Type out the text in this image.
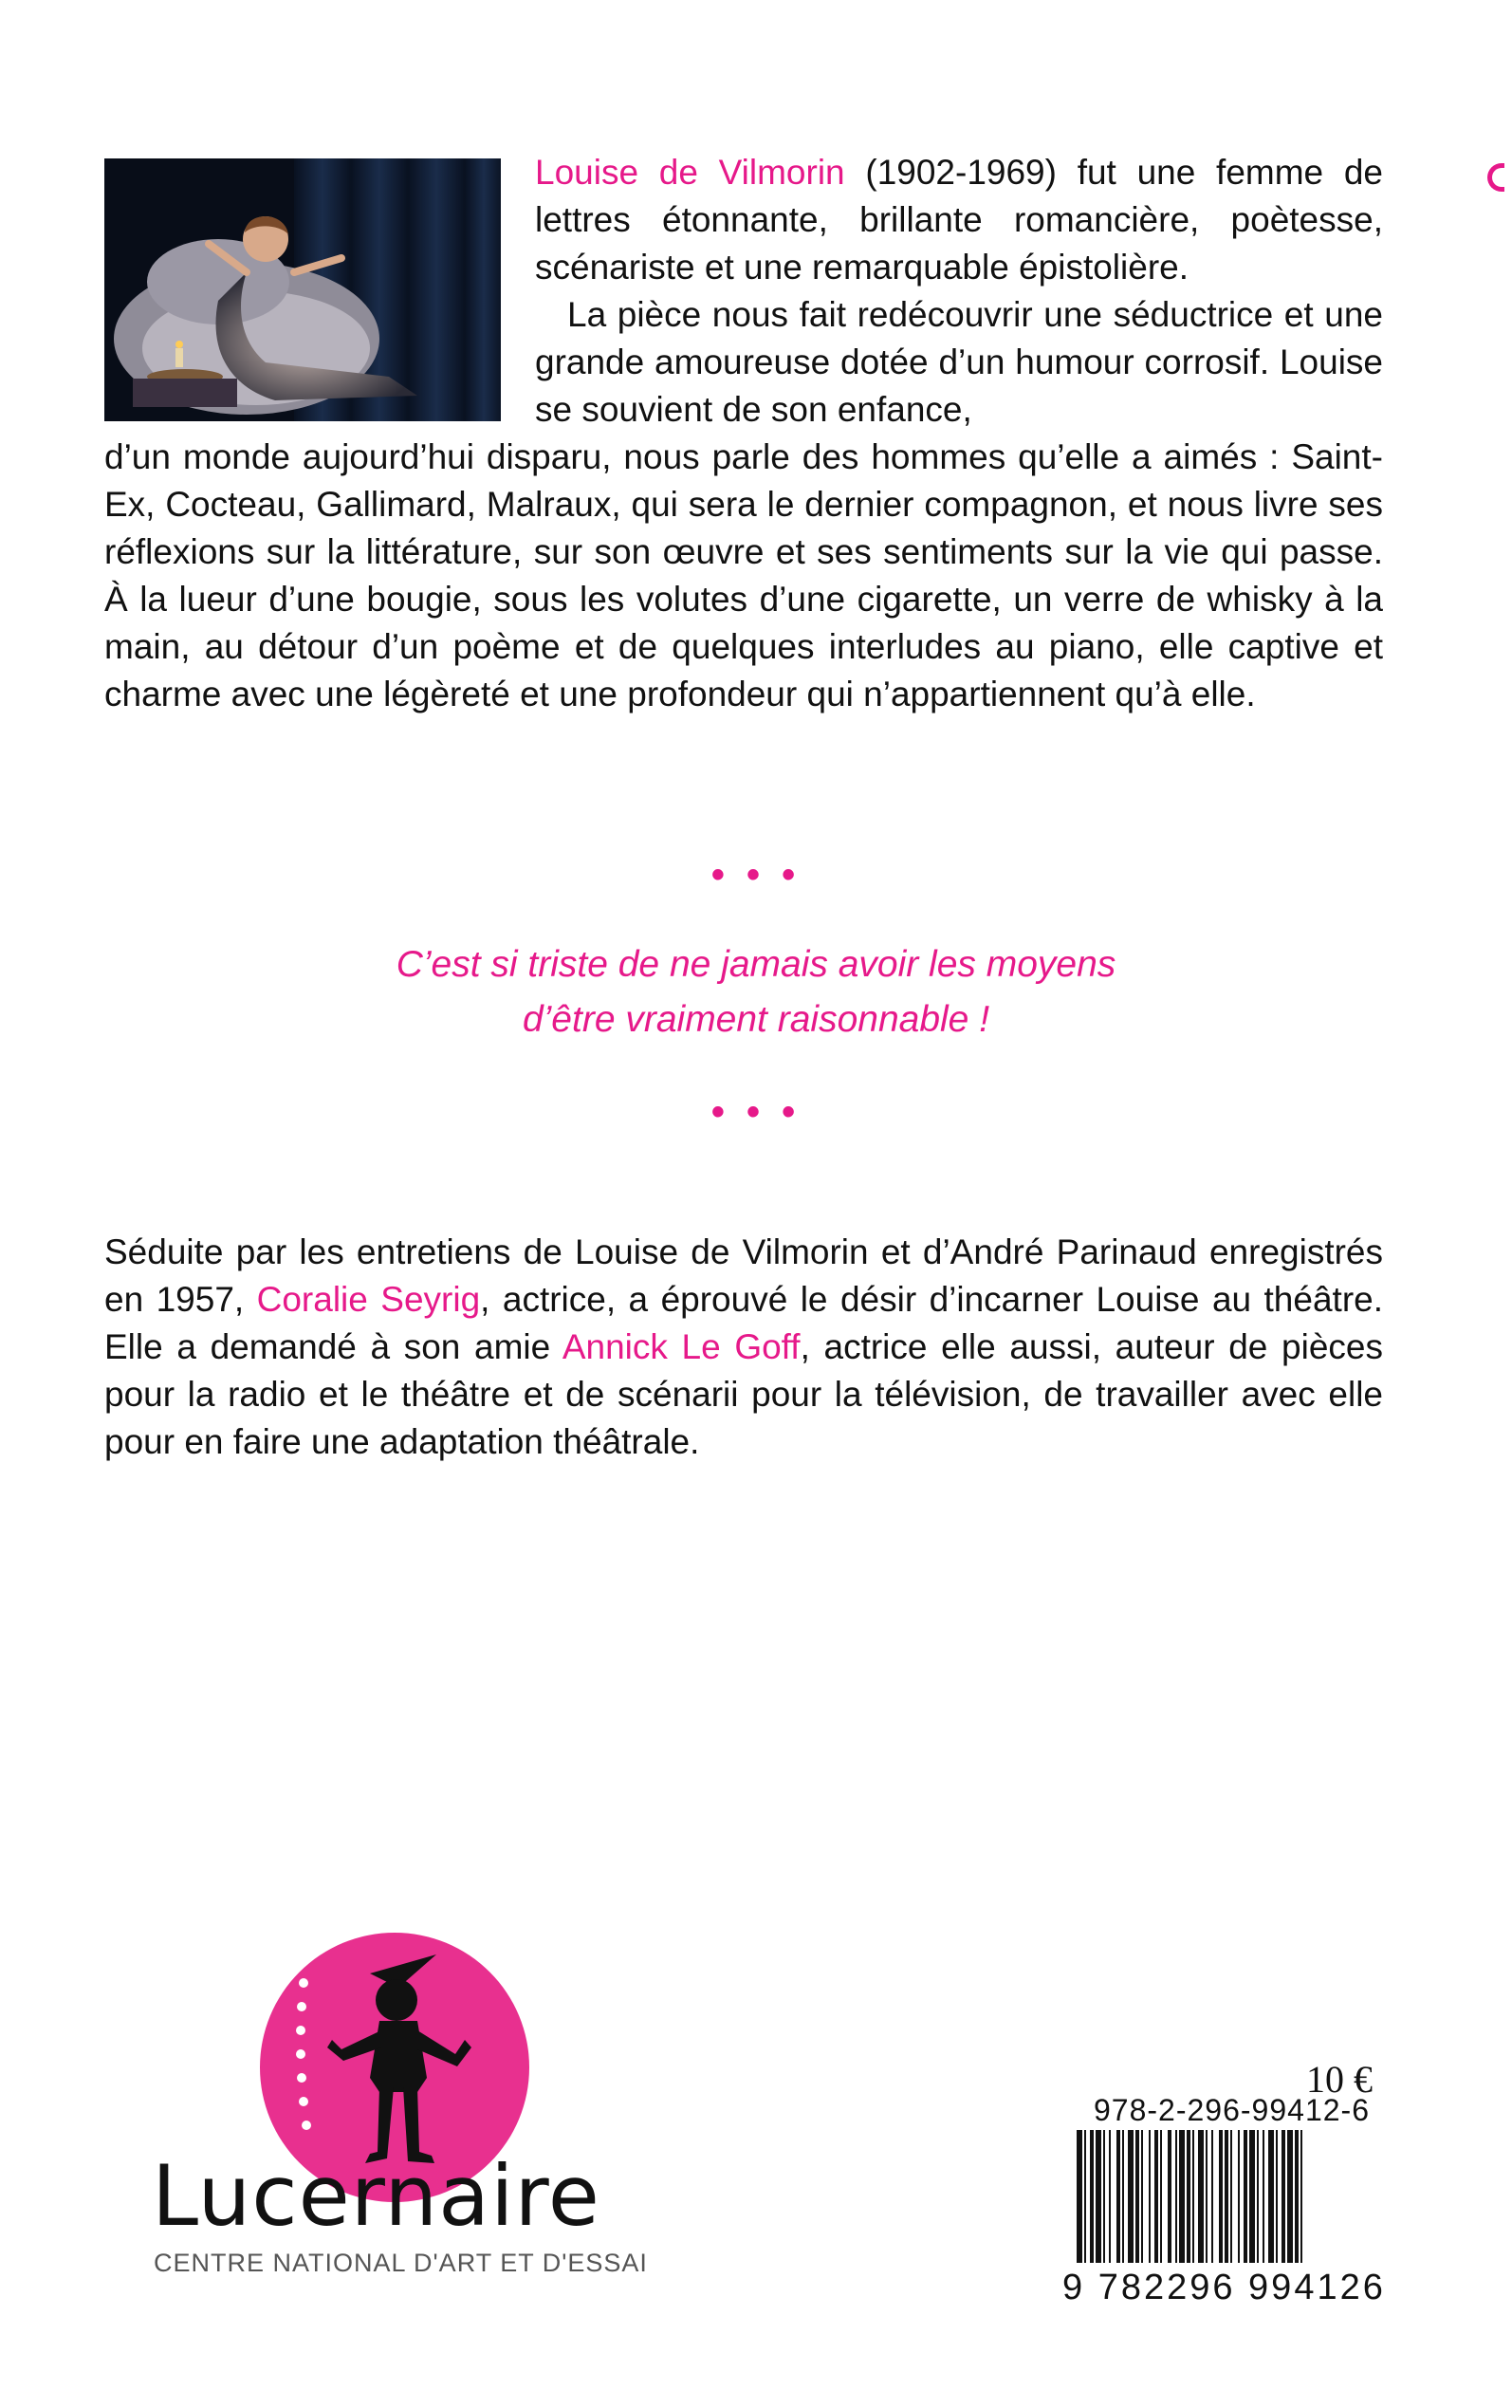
Louise de Vilmorin (1902-1969) fut une femme de lettres étonnante, brillante romancière, poètesse, scénariste et une remarquable épistolière.

La pièce nous fait redécouvrir une séductrice et une grande amoureuse dotée d’un humour corrosif. Louise se souvient de son enfance,

d’un monde aujourd’hui disparu, nous parle des hommes qu’elle a aimés : Saint-Ex, Cocteau, Gallimard, Malraux, qui sera le dernier compagnon, et nous livre ses réflexions sur la littérature, sur son œuvre et ses sentiments sur la vie qui passe. À la lueur d’une bougie, sous les volutes d’une cigarette, un verre de whisky à la main, au détour d’un poème et de quelques interludes au piano, elle captive et charme avec une légèreté et une profondeur qui n’appartiennent qu’à elle.

• • •

C’est si triste de ne jamais avoir les moyens

d’être vraiment raisonnable !

• • •

Séduite par les entretiens de Louise de Vilmorin et d’André Parinaud enregistrés en 1957, Coralie Seyrig, actrice, a éprouvé le désir d’incarner Louise au théâtre. Elle a demandé à son amie Annick Le Goff, actrice elle aussi, auteur de pièces pour la radio et le théâtre et de scénarii pour la télévision, de travailler avec elle pour en faire une adaptation théâtrale.

Lucernaire
CENTRE NATIONAL D'ART ET D'ESSAI
10 €
978-2-296-99412-6
9 782296 994126
